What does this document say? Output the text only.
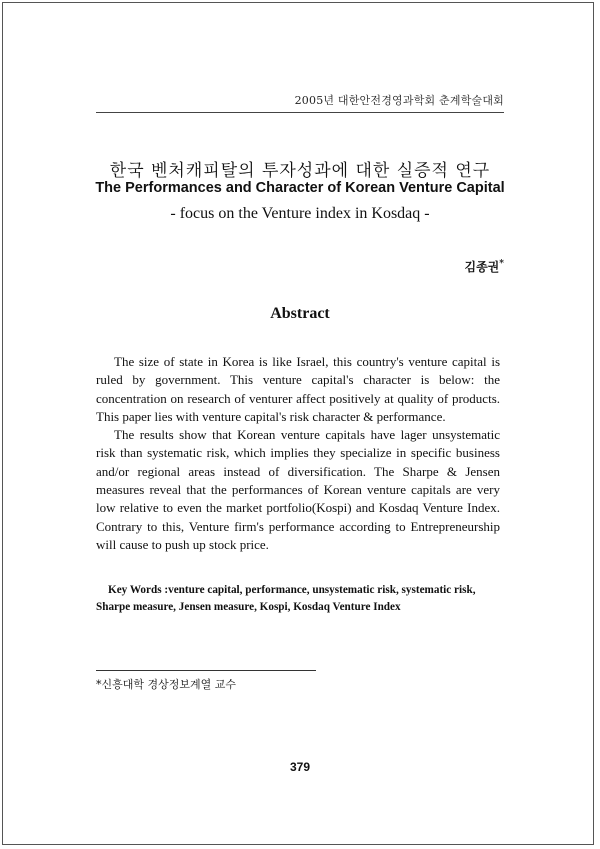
2005년 대한안전경영과학회 춘계학술대회
한국 벤처캐피탈의 투자성과에 대한 실증적 연구
The Performances and Character of Korean Venture Capital
- focus on the Venture index in Kosdaq -
김종권*
Abstract

The size of state in Korea is like Israel, this country's venture capital is ruled by government. This venture capital's character is below: the concentration on research of venturer affect positively at quality of products. This paper lies with venture capital's risk character & performance.

The results show that Korean venture capitals have lager unsystematic risk than systematic risk, which implies they specialize in specific business and/or regional areas instead of diversification. The Sharpe & Jensen measures reveal that the performances of Korean venture capitals are very low relative to even the market portfolio(Kospi) and Kosdaq Venture Index. Contrary to this, Venture firm's performance according to Entrepreneurship will cause to push up stock price.

Key Words :venture capital, performance, unsystematic risk, systematic risk, Sharpe measure, Jensen measure, Kospi, Kosdaq Venture Index
*신흥대학 경상정보계열 교수
379
